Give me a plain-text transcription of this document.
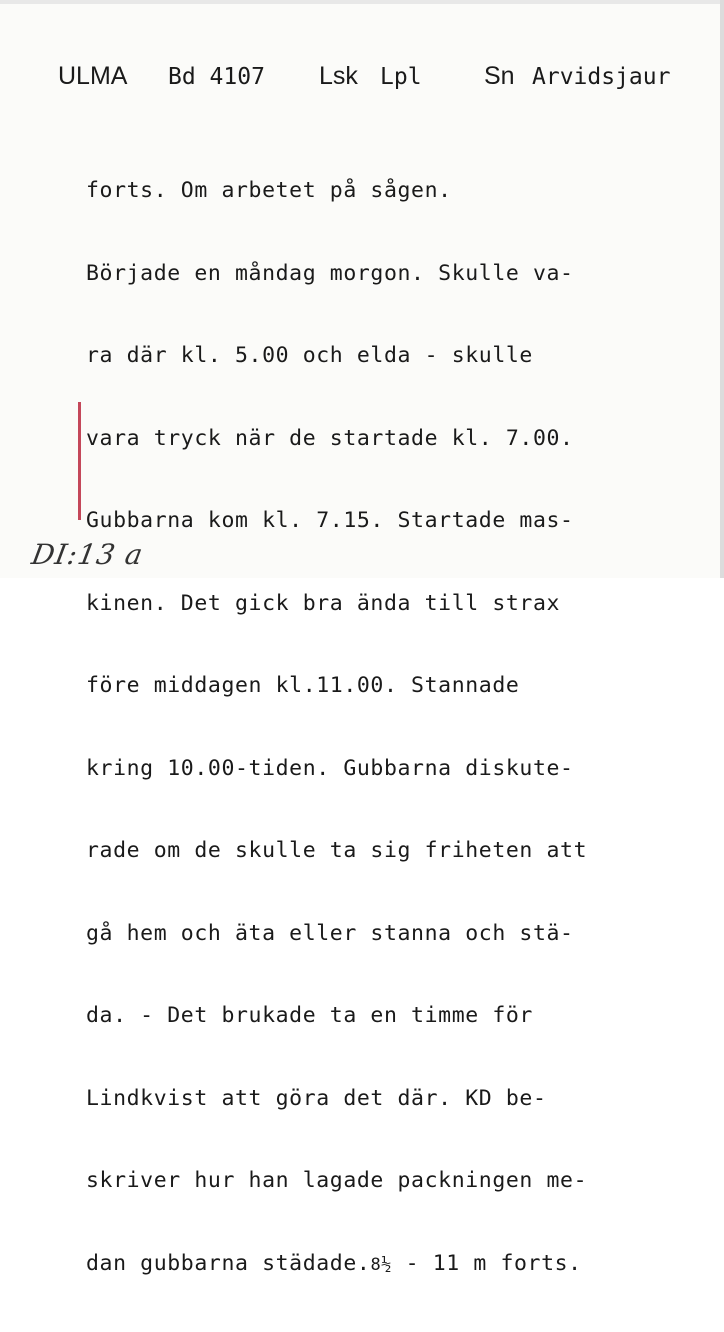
ULMA Bd 4107 Lsk Lpl Sn Arvidsjaur

forts. Om arbetet på sågen.

Började en måndag morgon. Skulle va-

ra där kl. 5.00 och elda - skulle

vara tryck när de startade kl. 7.00.

Gubbarna kom kl. 7.15. Startade mas-

kinen. Det gick bra ända till strax

före middagen kl.11.00. Stannade

kring 10.00-tiden. Gubbarna diskute-

rade om de skulle ta sig friheten att

gå hem och äta eller stanna och stä-

da. - Det brukade ta en timme för

Lindkvist att göra det där. KD be-

skriver hur han lagade packningen me-

dan gubbarna städade.8½ - 11 m forts.

DI:13 a
